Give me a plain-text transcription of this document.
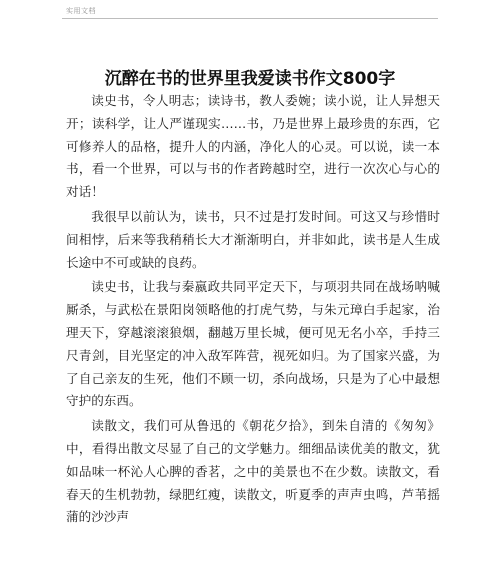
实用文档
沉醉在书的世界里我爱读书作文800字

读史书，令人明志；读诗书，教人委婉；读小说，让人异想天开；读科学，让人严谨现实……书，乃是世界上最珍贵的东西，它可修养人的品格，提升人的内涵，净化人的心灵。可以说，读一本书，看一个世界，可以与书的作者跨越时空，进行一次次心与心的对话！

我很早以前认为，读书，只不过是打发时间。可这又与珍惜时间相悖，后来等我稍稍长大才渐渐明白，并非如此，读书是人生成长途中不可或缺的良药。

读史书，让我与秦嬴政共同平定天下，与项羽共同在战场呐喊厮杀，与武松在景阳岗领略他的打虎气势，与朱元璋白手起家，治理天下，穿越滚滚狼烟，翻越万里长城，便可见无名小卒，手持三尺青剑，目光坚定的冲入敌军阵营，视死如归。为了国家兴盛，为了自己亲友的生死，他们不顾一切，杀向战场，只是为了心中最想守护的东西。

读散文，我们可从鲁迅的《朝花夕拾》，到朱自清的《匆匆》中，看得出散文尽显了自己的文学魅力。细细品读优美的散文，犹如品味一杯沁人心脾的香茗，之中的美景也不在少数。读散文，看春天的生机勃勃，绿肥红瘦，读散文，听夏季的声声虫鸣，芦苇摇蒲的沙沙声
